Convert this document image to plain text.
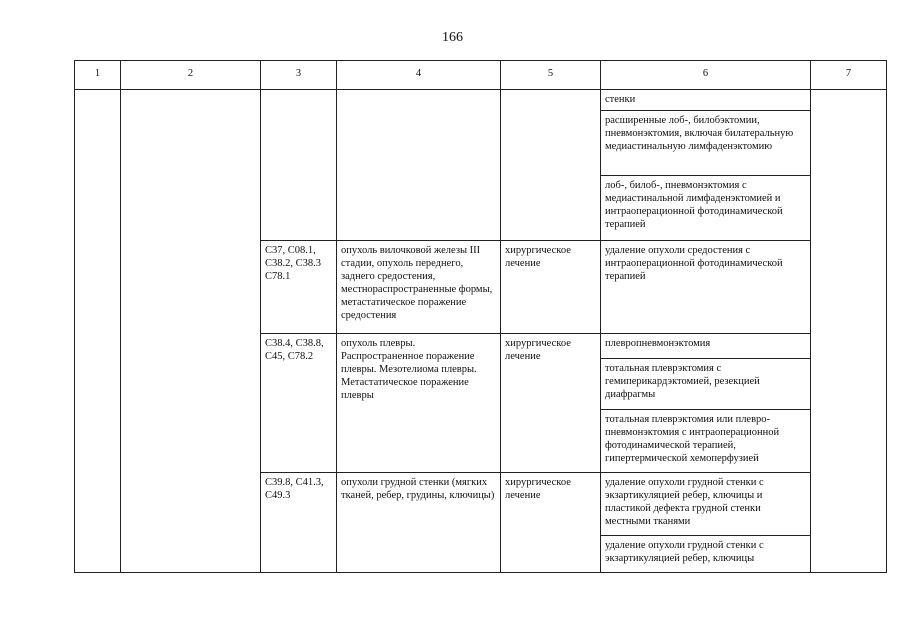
166
1	2	3	4	5	6	7
					стенки	
					расширенные лоб-, билобэктомии, пневмонэктомия, включая билатеральную медиастинальную лимфаденэктомию	
					лоб-, билоб-, пневмонэктомия с медиастинальной лимфаденэктомией и интраоперационной фотодинамической терапией	
		C37, C08.1, C38.2, C38.3 C78.1	опухоль вилочковой железы III стадии, опухоль переднего, заднего средостения, местнораспространенные формы, метастатическое поражение средостения	хирургическое лечение	удаление опухоли средостения с интраоперационной фотодинамической терапией	
		C38.4, C38.8, C45, C78.2	опухоль плевры. Распространенное поражение плевры. Мезотелиома плевры. Метастатическое поражение плевры	хирургическое лечение	плевропневмонэктомия	
					тотальная плеврэктомия с гемиперикардэктомией, резекцией диафрагмы	
					тотальная плеврэктомия или плевро-пневмонэктомия с интраоперационной фотодинамической терапией, гипертермической хемоперфузией	
		C39.8, C41.3, C49.3	опухоли грудной стенки (мягких тканей, ребер, грудины, ключицы)	хирургическое лечение	удаление опухоли грудной стенки с экзартикуляцией ребер, ключицы и пластикой дефекта грудной стенки местными тканями	
					удаление опухоли грудной стенки с экзартикуляцией ребер, ключицы	
